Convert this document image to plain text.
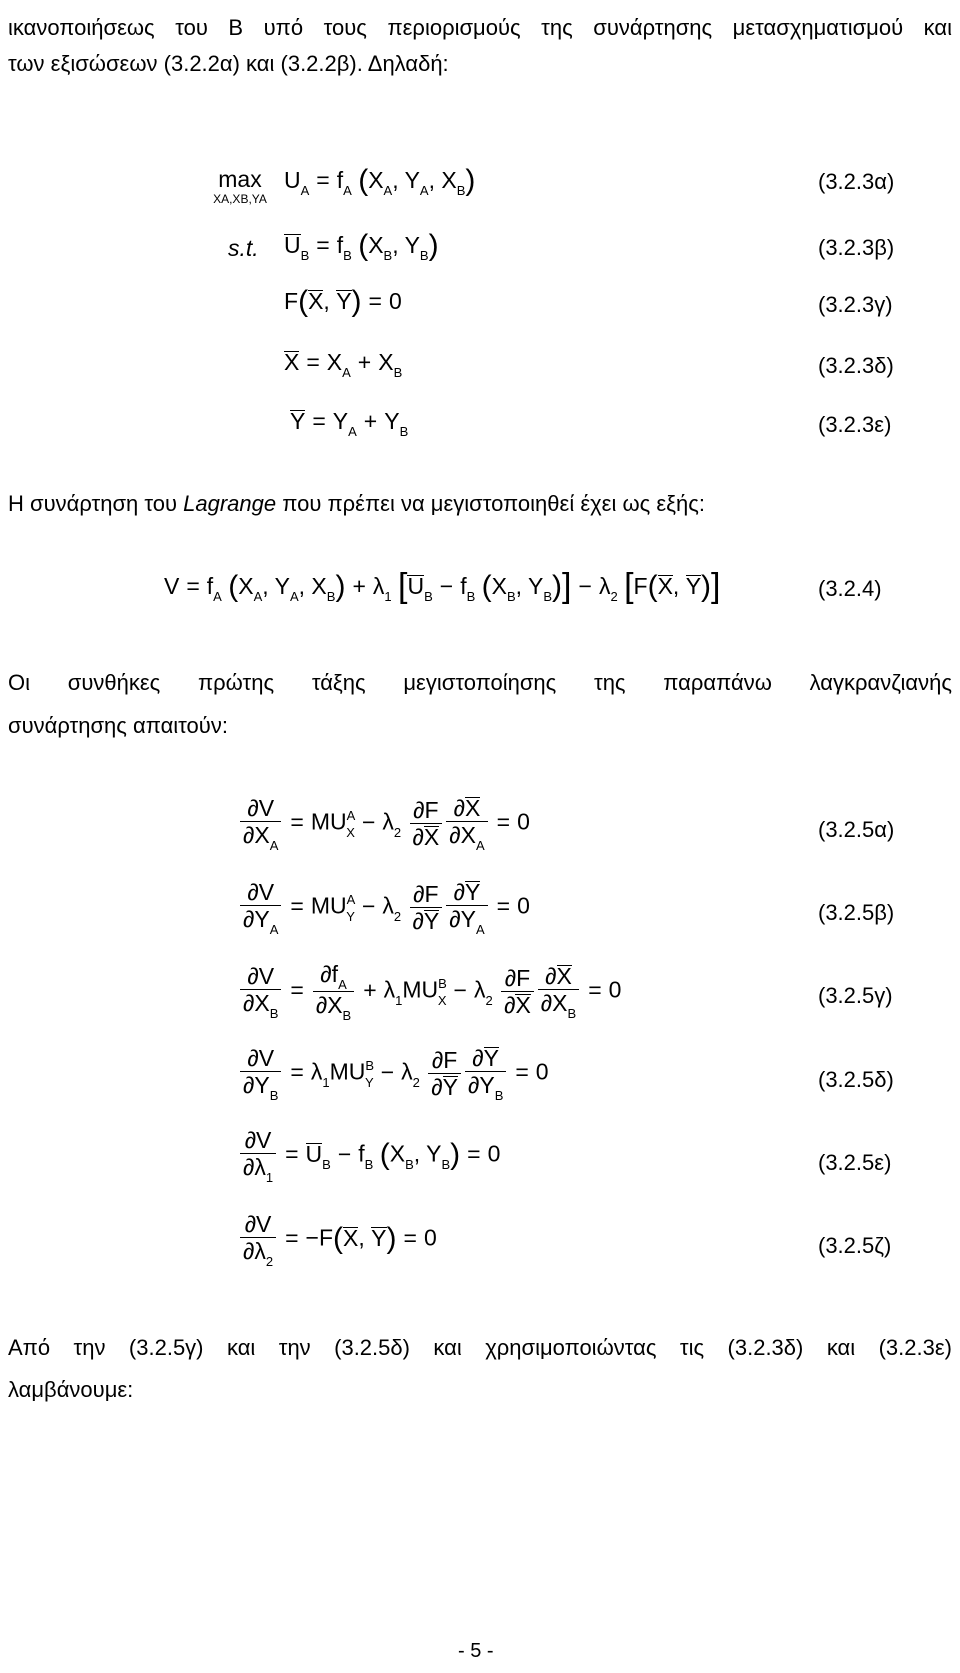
ικανοποιήσεως του Β υπό τους περιορισμούς της συνάρτησης μετασχηματισμού και

των εξισώσεων (3.2.2α) και (3.2.2β). Δηλαδή:

max
XA,XB,YA
$U_A = f_A$ ($X_A$, $Y_A$, $X_B$)	(3.2.3α)
s.t. $U_B = f_B$ ($X_B$, $Y_B$)	(3.2.3β)
F(X, Y) = 0	(3.2.3γ)
$X = X_A + X_B$	(3.2.3δ)
$Y = Y_A + Y_B$	(3.2.3ε)

Η συνάρτηση του Lagrange που πρέπει να μεγιστοποιηθεί έχει ως εξής:

$V = f_A$ ($X_A$, $Y_A$, $X_B) + \lambda_1$ [$U_B - f_B$ ($X_B$, $Y_B)] - \lambda_2$ [F(X, Y)]	(3.2.4)

Οι συνθήκες πρώτης τάξης μεγιστοποίησης της παραπάνω λαγκρανζιανής

συνάρτησης απαιτούν:

$\frac{\partial V}{\partial X_A} = MU^A_X - \lambda_2 \frac{\partial F}{\partial X} \frac{\partial X}{\partial X_A} = 0$	(3.2.5α)
$\frac{\partial V}{\partial Y_A} = MU^A_Y - \lambda_2 \frac{\partial F}{\partial Y} \frac{\partial Y}{\partial Y_A} = 0$	(3.2.5β)
$\frac{\partial V}{\partial X_B} = \frac{\partial f_A}{\partial X_B} + \lambda_1MU^B_X - \lambda_2 \frac{\partial F}{\partial X} \frac{\partial X}{\partial X_B} = 0$	(3.2.5γ)
$\frac{\partial V}{\partial Y_B} = \lambda_1MU^B_Y - \lambda_2 \frac{\partial F}{\partial Y} \frac{\partial Y}{\partial Y_B} = 0$	(3.2.5δ)
$\frac{\partial V}{\partial\lambda_1} = U_B - f_B$ ($X_B$, $Y_B) = 0$	(3.2.5ε)
$\frac{\partial V}{\partial\lambda_2} = -F(X$, Y) = 0	(3.2.5ζ)

Από την (3.2.5γ) και την (3.2.5δ) και χρησιμοποιώντας τις (3.2.3δ) και (3.2.3ε)

λαμβάνουμε:

- 5 -
